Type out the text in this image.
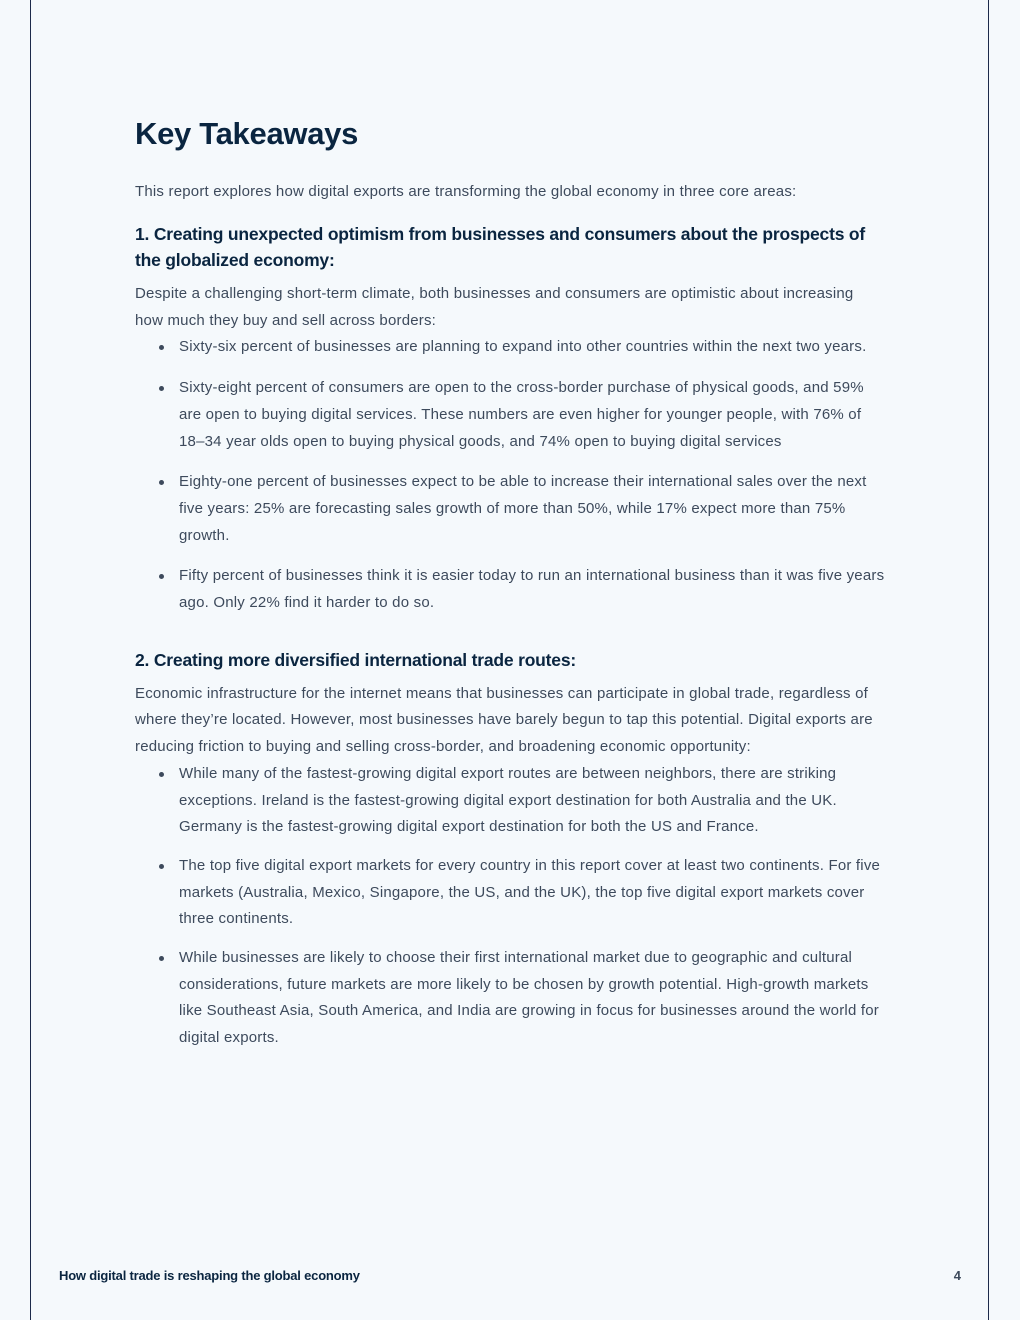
Key Takeaways

This report explores how digital exports are transforming the global economy in three core areas:

1. Creating unexpected optimism from businesses and consumers about the prospects of the globalized economy:

Despite a challenging short-term climate, both businesses and consumers are optimistic about increasing how much they buy and sell across borders:

Sixty-six percent of businesses are planning to expand into other countries within the next two years.
Sixty-eight percent of consumers are open to the cross-border purchase of physical goods, and 59% are open to buying digital services. These numbers are even higher for younger people, with 76% of 18–34 year olds open to buying physical goods, and 74% open to buying digital services
Eighty-one percent of businesses expect to be able to increase their international sales over the next five years: 25% are forecasting sales growth of more than 50%, while 17% expect more than 75% growth.
Fifty percent of businesses think it is easier today to run an international business than it was five years ago. Only 22% find it harder to do so.
2. Creating more diversified international trade routes:

Economic infrastructure for the internet means that businesses can participate in global trade, regardless of where they’re located. However, most businesses have barely begun to tap this potential. Digital exports are reducing friction to buying and selling cross-border, and broadening economic opportunity:

While many of the fastest-growing digital export routes are between neighbors, there are striking exceptions. Ireland is the fastest-growing digital export destination for both Australia and the UK. Germany is the fastest-growing digital export destination for both the US and France.
The top five digital export markets for every country in this report cover at least two continents. For five markets (Australia, Mexico, Singapore, the US, and the UK), the top five digital export markets cover three continents.
While businesses are likely to choose their first international market due to geographic and cultural considerations, future markets are more likely to be chosen by growth potential. High-growth markets like Southeast Asia, South America, and India are growing in focus for businesses around the world for digital exports.
How digital trade is reshaping the global economy	4
